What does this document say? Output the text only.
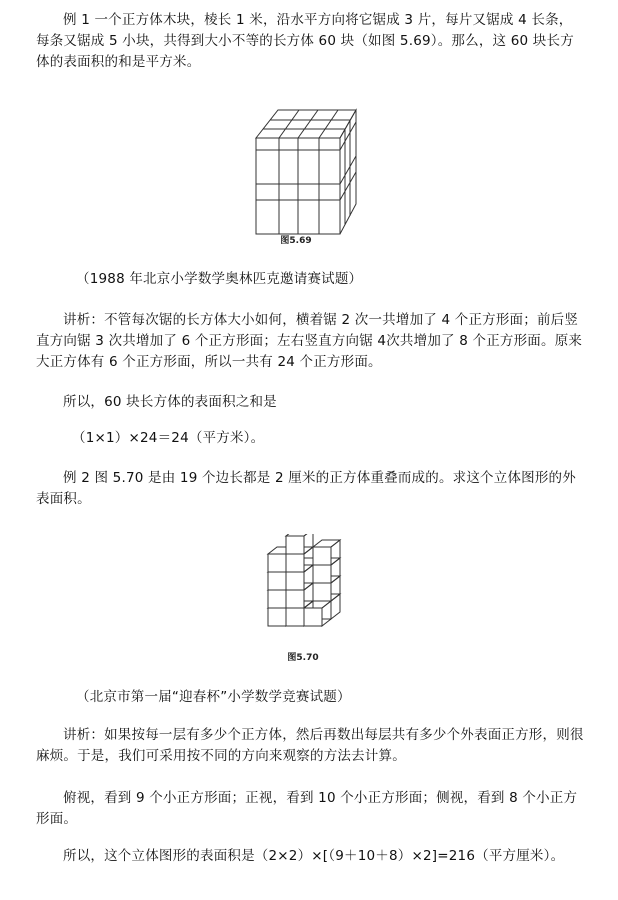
例 1 一个正方体木块，棱长 1 米，沿水平方向将它锯成 3 片，每片又锯成 4 长条，每条又锯成 5 小块，共得到大小不等的长方体 60 块（如图 5.69）。那么，这 60 块长方体的表面积的和是平方米。

图5.69

（1988 年北京小学数学奥林匹克邀请赛试题）

讲析：不管每次锯的长方体大小如何，横着锯 2 次一共增加了 4 个正方形面；前后竖直方向锯 3 次共增加了 6 个正方形面；左右竖直方向锯 4次共增加了 8 个正方形面。原来大正方体有 6 个正方形面，所以一共有 24 个正方形面。

所以，60 块长方体的表面积之和是

（1×1）×24＝24（平方米）。

例 2 图 5.70 是由 19 个边长都是 2 厘米的正方体重叠而成的。求这个立体图形的外表面积。

图5.70

（北京市第一届“迎春杯”小学数学竞赛试题）

讲析：如果按每一层有多少个正方体，然后再数出每层共有多少个外表面正方形，则很麻烦。于是，我们可采用按不同的方向来观察的方法去计算。

俯视，看到 9 个小正方形面；正视，看到 10 个小正方形面；侧视，看到 8 个小正方形面。

所以，这个立体图形的表面积是（2×2）×[（9＋10＋8）×2]=216（平方厘米）。
